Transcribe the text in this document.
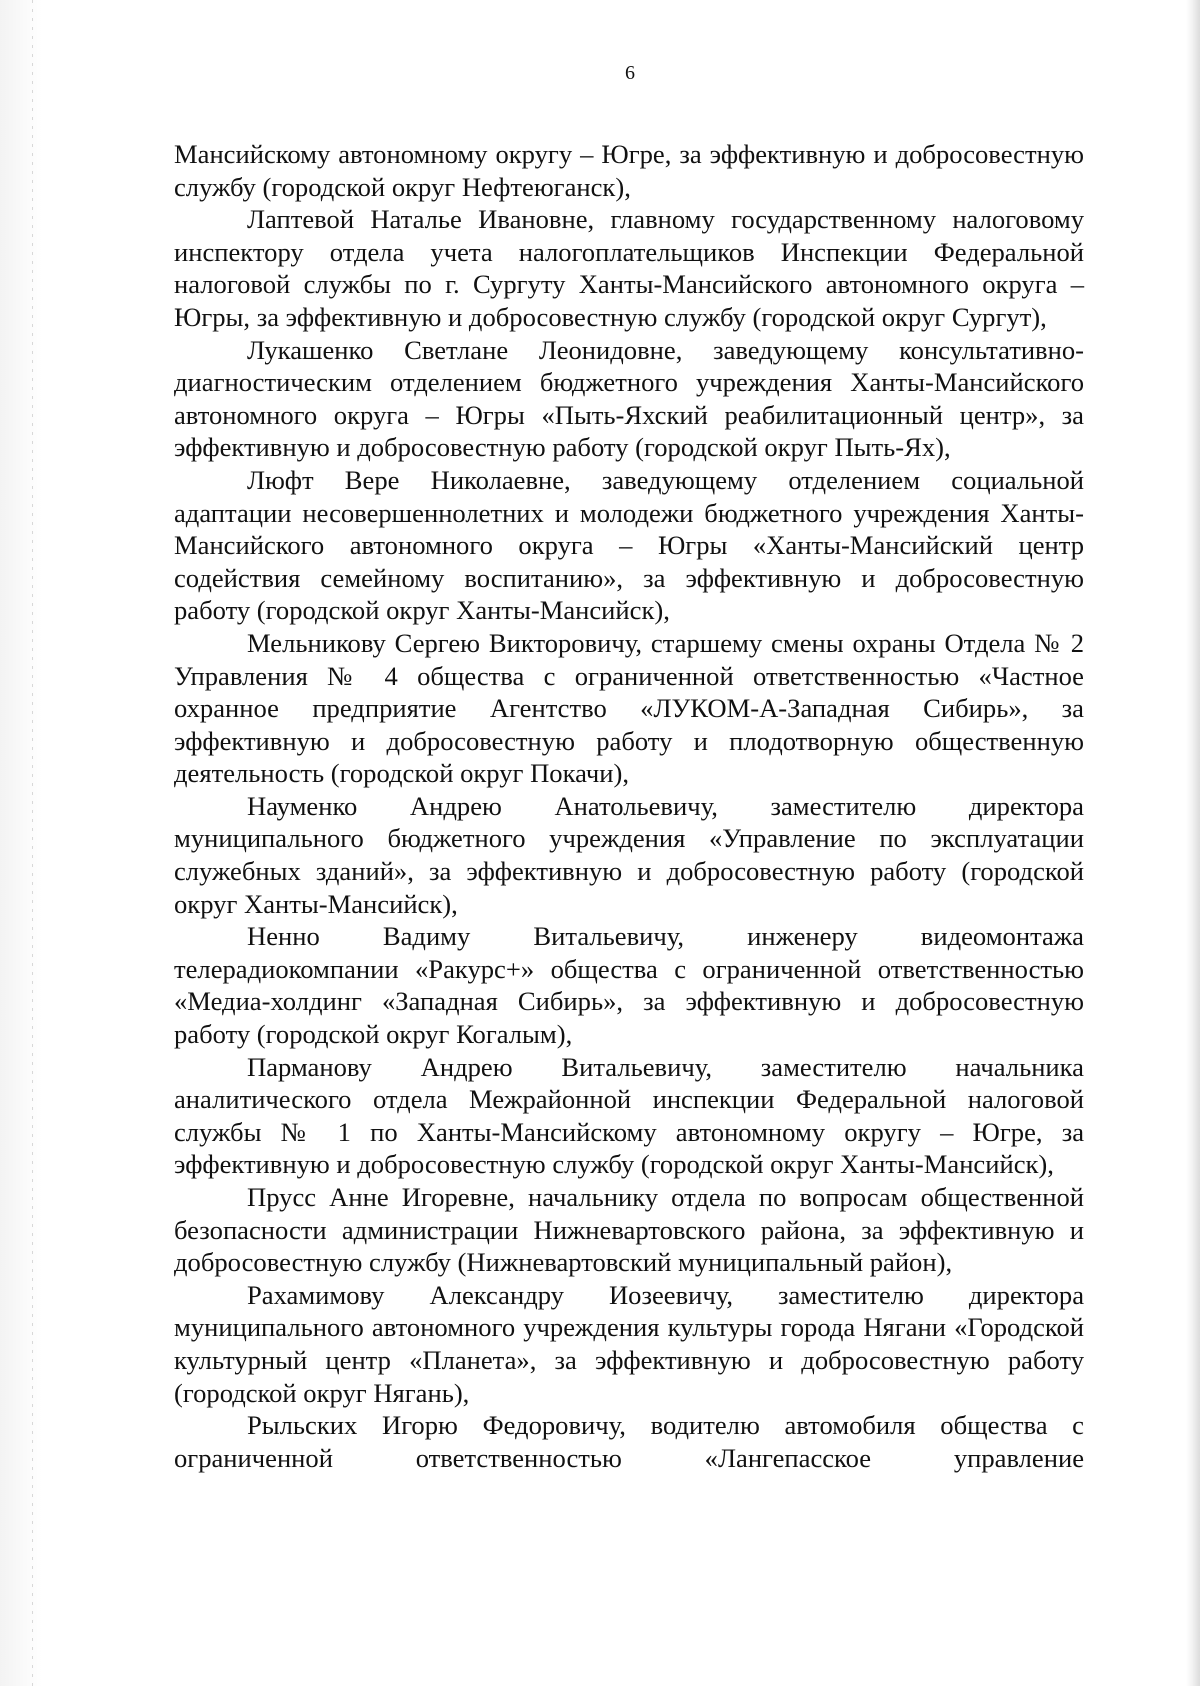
6

Мансийскому автономному округу – Югре, за эффективную и добросовестную службу (городской округ Нефтеюганск),

Лаптевой Наталье Ивановне, главному государственному налоговому инспектору отдела учета налогоплательщиков Инспекции Федеральной налоговой службы по г. Сургуту Ханты-Мансийского автономного округа – Югры, за эффективную и добросовестную службу (городской округ Сургут),

Лукашенко Светлане Леонидовне, заведующему консультативно-диагностическим отделением бюджетного учреждения Ханты-Мансийского автономного округа – Югры «Пыть-Яхский реабилитационный центр», за эффективную и добросовестную работу (городской округ Пыть-Ях),

Люфт Вере Николаевне, заведующему отделением социальной адаптации несовершеннолетних и молодежи бюджетного учреждения Ханты-Мансийского автономного округа – Югры «Ханты-Мансийский центр содействия семейному воспитанию», за эффективную и добросовестную работу (городской округ Ханты-Мансийск),

Мельникову Сергею Викторовичу, старшему смены охраны Отдела № 2 Управления № 4 общества с ограниченной ответственностью «Частное охранное предприятие Агентство «ЛУКОМ-А-Западная Сибирь», за эффективную и добросовестную работу и плодотворную общественную деятельность (городской округ Покачи),

Науменко Андрею Анатольевичу, заместителю директора муниципального бюджетного учреждения «Управление по эксплуатации служебных зданий», за эффективную и добросовестную работу (городской округ Ханты-Мансийск),

Ненно Вадиму Витальевичу, инженеру видеомонтажа телерадиокомпании «Ракурс+» общества с ограниченной ответственностью «Медиа-холдинг «Западная Сибирь», за эффективную и добросовестную работу (городской округ Когалым),

Парманову Андрею Витальевичу, заместителю начальника аналитического отдела Межрайонной инспекции Федеральной налоговой службы № 1 по Ханты-Мансийскому автономному округу – Югре, за эффективную и добросовестную службу (городской округ Ханты-Мансийск),

Прусс Анне Игоревне, начальнику отдела по вопросам общественной безопасности администрации Нижневартовского района, за эффективную и добросовестную службу (Нижневартовский муниципальный район),

Рахамимову Александру Иозеевичу, заместителю директора муниципального автономного учреждения культуры города Нягани «Городской культурный центр «Планета», за эффективную и добросовестную работу (городской округ Нягань),

Рыльских Игорю Федоровичу, водителю автомобиля общества с ограниченной ответственностью «Лангепасское управление
